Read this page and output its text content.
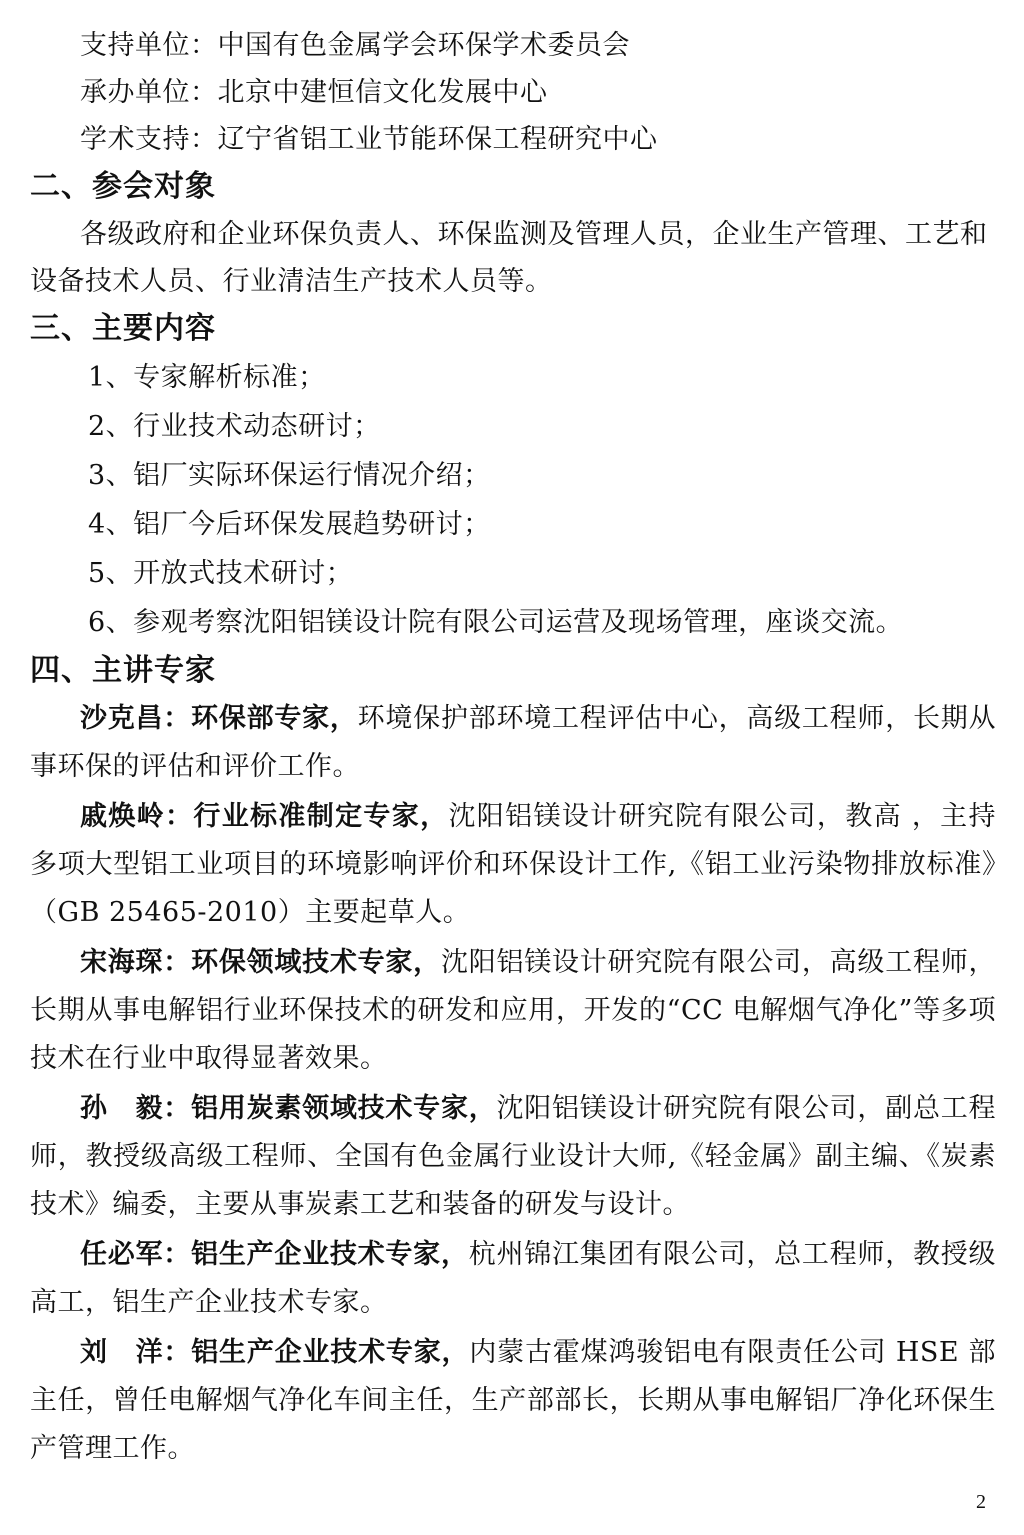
支持单位：中国有色金属学会环保学术委员会

承办单位：北京中建恒信文化发展中心

学术支持：辽宁省铝工业节能环保工程研究中心

二、参会对象

各级政府和企业环保负责人、环保监测及管理人员，企业生产管理、工艺和设备技术人员、行业清洁生产技术人员等。

三、主要内容

1、专家解析标准；

2、行业技术动态研讨；

3、铝厂实际环保运行情况介绍；

4、铝厂今后环保发展趋势研讨；

5、开放式技术研讨；

6、参观考察沈阳铝镁设计院有限公司运营及现场管理，座谈交流。

四、主讲专家

沙克昌：环保部专家，环境保护部环境工程评估中心，高级工程师，长期从事环保的评估和评价工作。

戚焕岭：行业标准制定专家，沈阳铝镁设计研究院有限公司，教高 ，主持多项大型铝工业项目的环境影响评价和环保设计工作,《铝工业污染物排放标准》（GB 25465-2010）主要起草人。

宋海琛：环保领域技术专家，沈阳铝镁设计研究院有限公司，高级工程师，长期从事电解铝行业环保技术的研发和应用，开发的“CC 电解烟气净化”等多项技术在行业中取得显著效果。

孙　毅：铝用炭素领域技术专家，沈阳铝镁设计研究院有限公司，副总工程师，教授级高级工程师、全国有色金属行业设计大师,《轻金属》副主编、《炭素技术》编委，主要从事炭素工艺和装备的研发与设计。

任必军：铝生产企业技术专家，杭州锦江集团有限公司，总工程师，教授级高工，铝生产企业技术专家。

刘　洋：铝生产企业技术专家，内蒙古霍煤鸿骏铝电有限责任公司 HSE 部主任，曾任电解烟气净化车间主任，生产部部长，长期从事电解铝厂净化环保生产管理工作。

2
